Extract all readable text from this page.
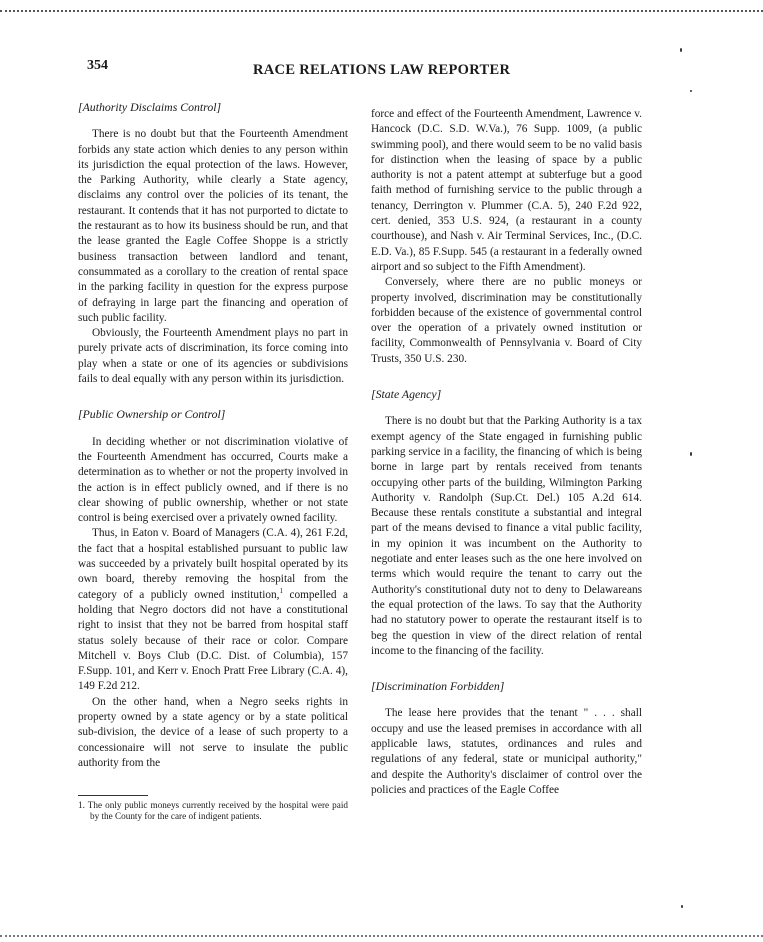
354	RACE RELATIONS LAW REPORTER
[Authority Disclaims Control]

There is no doubt but that the Fourteenth Amendment forbids any state action which denies to any person within its jurisdiction the equal protection of the laws. However, the Parking Authority, while clearly a State agency, disclaims any control over the policies of its tenant, the restaurant. It contends that it has not purported to dictate to the restaurant as to how its business should be run, and that the lease granted the Eagle Coffee Shoppe is a strictly business transaction between landlord and tenant, consummated as a corollary to the creation of rental space in the parking facility in question for the express purpose of defraying in large part the financing and operation of such public facility.

Obviously, the Fourteenth Amendment plays no part in purely private acts of discrimination, its force coming into play when a state or one of its agencies or subdivisions fails to deal equally with any person within its jurisdiction.

[Public Ownership or Control]

In deciding whether or not discrimination violative of the Fourteenth Amendment has occurred, Courts make a determination as to whether or not the property involved in the action is in effect publicly owned, and if there is no clear showing of public ownership, whether or not state control is being exercised over a privately owned facility.

Thus, in Eaton v. Board of Managers (C.A. 4), 261 F.2d, the fact that a hospital established pursuant to public law was succeeded by a privately built hospital operated by its own board, thereby removing the hospital from the category of a publicly owned institution,$^1$ compelled a holding that Negro doctors did not have a constitutional right to insist that they not be barred from hospital staff status solely because of their race or color. Compare Mitchell v. Boys Club (D.C. Dist. of Columbia), 157 F.Supp. 101, and Kerr v. Enoch Pratt Free Library (C.A. 4), 149 F.2d 212.

On the other hand, when a Negro seeks rights in property owned by a state agency or by a state political sub-division, the device of a lease of such property to a concessionaire will not serve to insulate the public authority from the

1. The only public moneys currently received by the hospital were paid by the County for the care of indigent patients.

force and effect of the Fourteenth Amendment, Lawrence v. Hancock (D.C. S.D. W.Va.), 76 Supp. 1009, (a public swimming pool), and there would seem to be no valid basis for distinction when the leasing of space by a public authority is not a patent attempt at subterfuge but a good faith method of furnishing service to the public through a tenancy, Derrington v. Plummer (C.A. 5), 240 F.2d 922, cert. denied, 353 U.S. 924, (a restaurant in a county courthouse), and Nash v. Air Terminal Services, Inc., (D.C. E.D. Va.), 85 F.Supp. 545 (a restaurant in a federally owned airport and so subject to the Fifth Amendment).

Conversely, where there are no public moneys or property involved, discrimination may be constitutionally forbidden because of the existence of governmental control over the operation of a privately owned institution or facility, Commonwealth of Pennsylvania v. Board of City Trusts, 350 U.S. 230.

[State Agency]

There is no doubt but that the Parking Authority is a tax exempt agency of the State engaged in furnishing public parking service in a facility, the financing of which is being borne in large part by rentals received from tenants occupying other parts of the building, Wilmington Parking Authority v. Randolph (Sup.Ct. Del.) 105 A.2d 614. Because these rentals constitute a substantial and integral part of the means devised to finance a vital public facility, in my opinion it was incumbent on the Authority to negotiate and enter leases such as the one here involved on terms which would require the tenant to carry out the Authority's constitutional duty not to deny to Delawareans the equal protection of the laws. To say that the Authority had no statutory power to operate the restaurant itself is to beg the question in view of the direct relation of rental income to the financing of the facility.

[Discrimination Forbidden]

The lease here provides that the tenant " . . . shall occupy and use the leased premises in accordance with all applicable laws, statutes, ordinances and rules and regulations of any federal, state or municipal authority," and despite the Authority's disclaimer of control over the policies and practices of the Eagle Coffee
